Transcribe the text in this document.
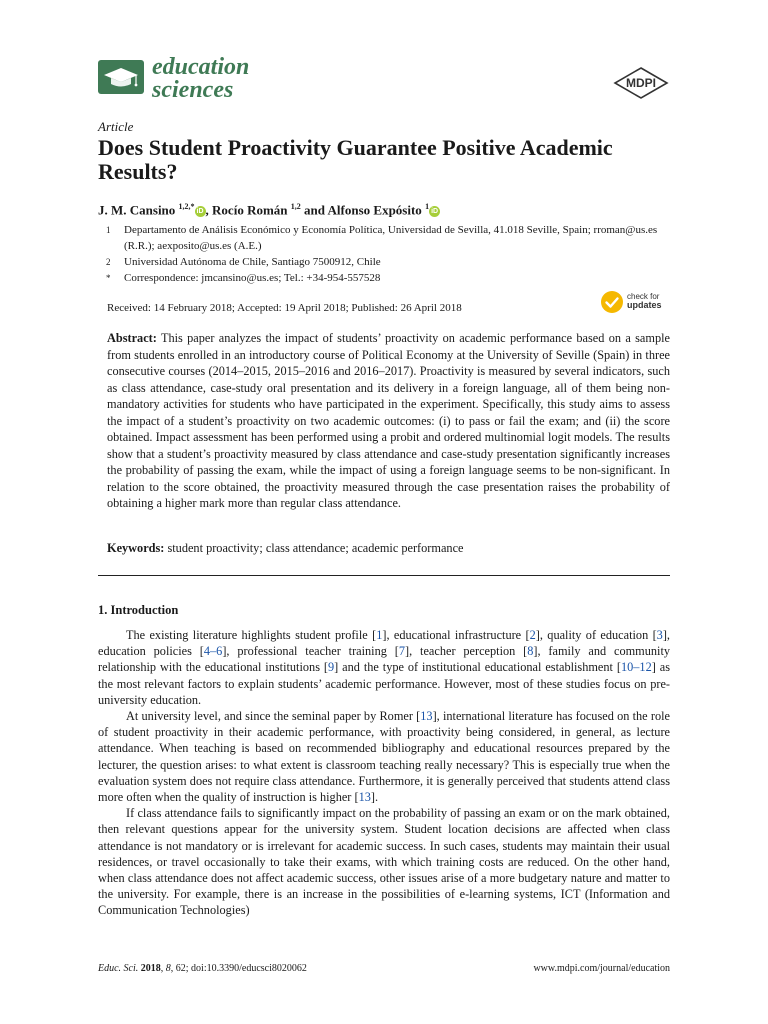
education
sciences	MDPI
Article
Does Student Proactivity Guarantee Positive Academic Results?
J. M. Cansino $^{1,2,*}$iD , Rocío Román $^{1,2}$ and Alfonso Expósito $^1$iD
1	Departamento de Análisis Económico y Economía Política, Universidad de Sevilla, 41.018 Seville, Spain; rroman@us.es (R.R.); aexposito@us.es (A.E.)
2	Universidad Autónoma de Chile, Santiago 7500912, Chile
*	Correspondence: jmcansino@us.es; Tel.: +34-954-557528
Received: 14 February 2018; Accepted: 19 April 2018; Published: 26 April 2018
check for
updates

Abstract: This paper analyzes the impact of students’ proactivity on academic performance based on a sample from students enrolled in an introductory course of Political Economy at the University of Seville (Spain) in three consecutive courses (2014–2015, 2015–2016 and 2016–2017). Proactivity is measured by several indicators, such as class attendance, case-study oral presentation and its delivery in a foreign language, all of them being non-mandatory activities for students who have participated in the experiment. Specifically, this study aims to assess the impact of a student’s proactivity on two academic outcomes: (i) to pass or fail the exam; and (ii) the score obtained. Impact assessment has been performed using a probit and ordered multinomial logit models. The results show that a student’s proactivity measured by class attendance and case-study presentation significantly increases the probability of passing the exam, while the impact of using a foreign language seems to be non-significant. In relation to the score obtained, the proactivity measured through the case presentation raises the probability of obtaining a higher mark more than regular class attendance.

Keywords: student proactivity; class attendance; academic performance
1. Introduction

The existing literature highlights student profile [1], educational infrastructure [2], quality of education [3], education policies [4–6], professional teacher training [7], teacher perception [8], family and community relationship with the educational institutions [9] and the type of institutional educational establishment [10–12] as the most relevant factors to explain students’ academic performance. However, most of these studies focus on pre-university education.

At university level, and since the seminal paper by Romer [13], international literature has focused on the role of student proactivity in their academic performance, with proactivity being considered, in general, as lecture attendance. When teaching is based on recommended bibliography and educational resources prepared by the lecturer, the question arises: to what extent is classroom teaching really necessary? This is especially true when the evaluation system does not require class attendance. Furthermore, it is generally perceived that students attend class more often when the quality of instruction is higher [13].

If class attendance fails to significantly impact on the probability of passing an exam or on the mark obtained, then relevant questions appear for the university system. Student location decisions are affected when class attendance is not mandatory or is irrelevant for academic success. In such cases, students may maintain their usual residences, or travel occasionally to take their exams, with which training costs are reduced. On the other hand, when class attendance does not affect academic success, other issues arise of a more budgetary nature and matter to the university. For example, there is an increase in the possibilities of e-learning systems, ICT (Information and Communication Technologies)

Educ. Sci. 2018, 8, 62; doi:10.3390/educsci8020062	www.mdpi.com/journal/education
